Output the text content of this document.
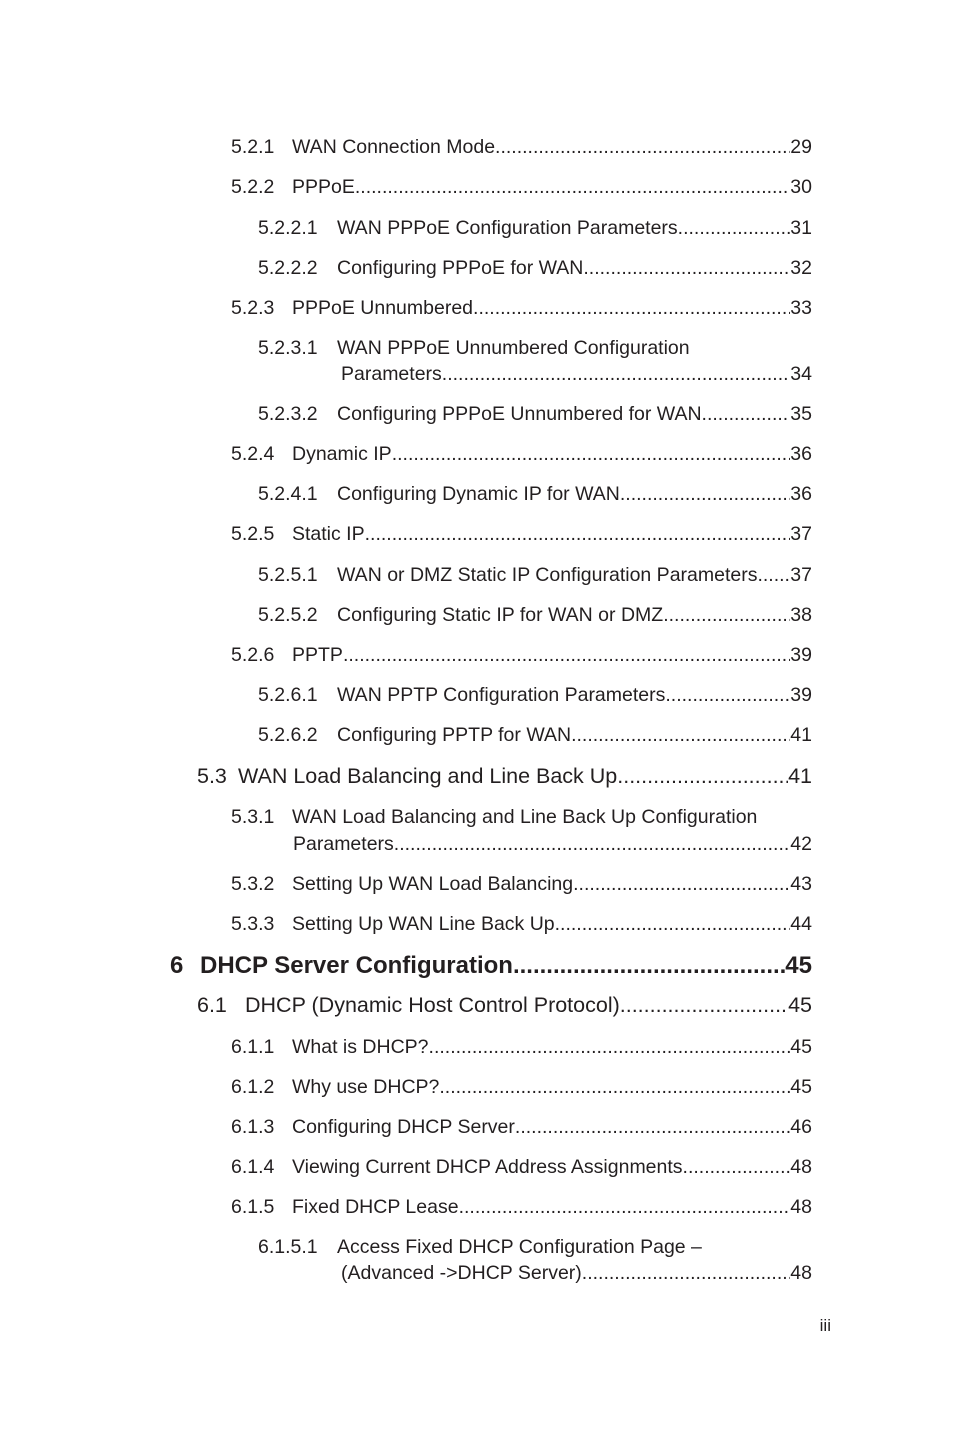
5.2.1 WAN Connection Mode .....	29
5.2.2 PPPoE .....	30
5.2.2.1 WAN PPPoE Configuration Parameters .....	31
5.2.2.2 Configuring PPPoE for WAN .....	32
5.2.3 PPPoE Unnumbered .....	33
5.2.3.1 WAN PPPoE Unnumbered Configuration
Parameters .....	34
5.2.3.2 Configuring PPPoE Unnumbered for WAN .....	35
5.2.4 Dynamic IP .....	36
5.2.4.1 Configuring Dynamic IP for WAN .....	36
5.2.5 Static IP .....	37
5.2.5.1 WAN or DMZ Static IP Configuration Parameters ..... 37
5.2.5.2 Configuring Static IP for WAN or DMZ .....	38
5.2.6 PPTP .....	39
5.2.6.1 WAN PPTP Configuration Parameters .....	39
5.2.6.2 Configuring PPTP for WAN .....	41
5.3 WAN Load Balancing and Line Back Up .....	41
5.3.1 WAN Load Balancing and Line Back Up Configuration
Parameters .....	42
5.3.2 Setting Up WAN Load Balancing .....	43
5.3.3 Setting Up WAN Line Back Up .....	44
6 DHCP Server Configuration .....	45
6.1 DHCP (Dynamic Host Control Protocol) .....	45
6.1.1 What is DHCP? .....	45
6.1.2 Why use DHCP? .....	45
6.1.3 Configuring DHCP Server .....	46
6.1.4 Viewing Current DHCP Address Assignments .....	48
6.1.5 Fixed DHCP Lease .....	48
6.1.5.1 Access Fixed DHCP Configuration Page –
(Advanced ->DHCP Server) .....	48
iii
